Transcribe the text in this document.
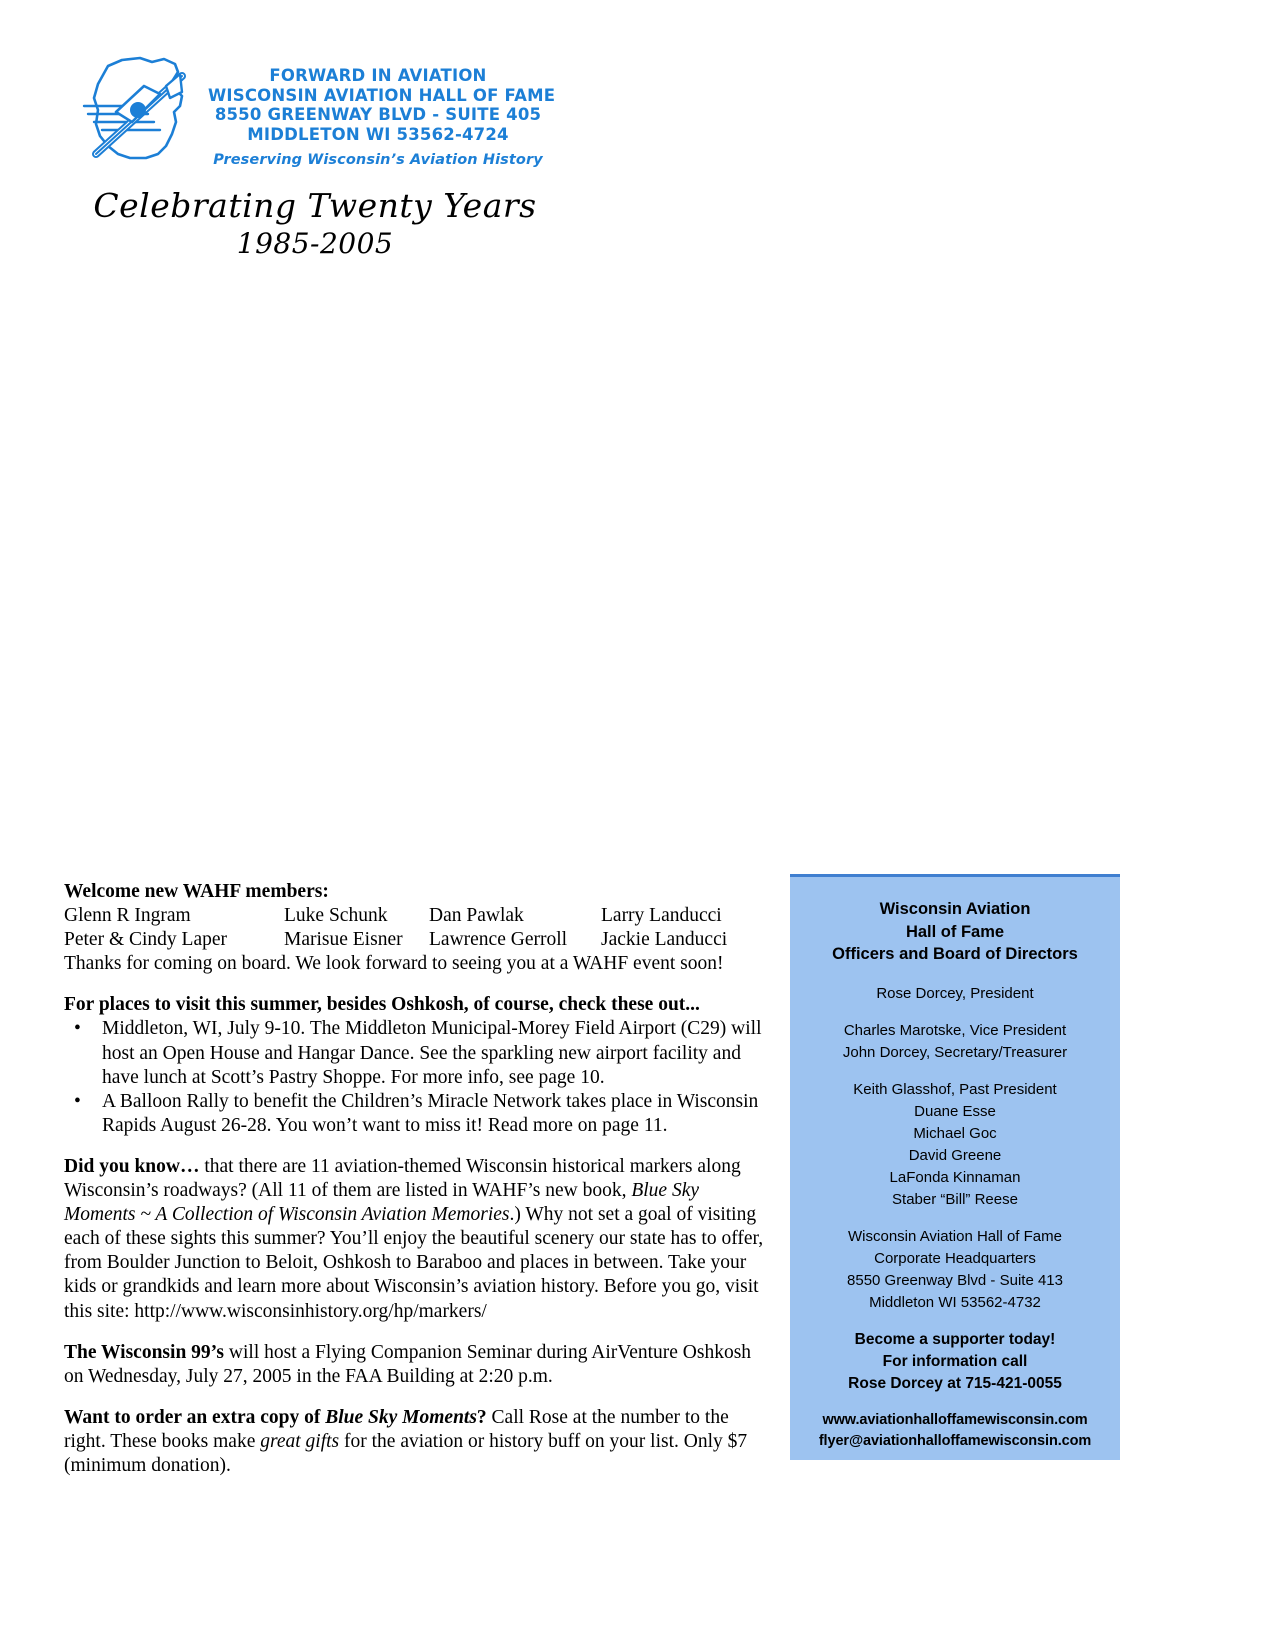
FORWARD IN AVIATION
WISCONSIN AVIATION HALL OF FAME
8550 GREENWAY BLVD - SUITE 405
MIDDLETON WI 53562-4724
Preserving Wisconsin’s Aviation History
Celebrating Twenty Years
1985-2005

Welcome new WAHF members:

Glenn R Ingram	Luke Schunk	Dan Pawlak	Larry Landucci
Peter & Cindy Laper	Marisue Eisner	Lawrence Gerroll	Jackie Landucci

Thanks for coming on board. We look forward to seeing you at a WAHF event soon!

For places to visit this summer, besides Oshkosh, of course, check these out...

• Middleton, WI, July 9-10. The Middleton Municipal-Morey Field Airport (C29) will host an Open House and Hangar Dance. See the sparkling new airport facility and have lunch at Scott’s Pastry Shoppe. For more info, see page 10.
• A Balloon Rally to benefit the Children’s Miracle Network takes place in Wisconsin Rapids August 26-28. You won’t want to miss it! Read more on page 11.

Did you know… that there are 11 aviation-themed Wisconsin historical markers along Wisconsin’s roadways? (All 11 of them are listed in WAHF’s new book, Blue Sky Moments ~ A Collection of Wisconsin Aviation Memories.) Why not set a goal of visiting each of these sights this summer? You’ll enjoy the beautiful scenery our state has to offer, from Boulder Junction to Beloit, Oshkosh to Baraboo and places in between. Take your kids or grandkids and learn more about Wisconsin’s aviation history. Before you go, visit this site: http://www.wisconsinhistory.org/hp/markers/

The Wisconsin 99’s will host a Flying Companion Seminar during AirVenture Oshkosh on Wednesday, July 27, 2005 in the FAA Building at 2:20 p.m.

Want to order an extra copy of Blue Sky Moments? Call Rose at the number to the right. These books make great gifts for the aviation or history buff on your list. Only $7 (minimum donation).

Wisconsin Aviation
Hall of Fame
Officers and Board of Directors
Rose Dorcey, President
Charles Marotske, Vice President
John Dorcey, Secretary/Treasurer
Keith Glasshof, Past President
Duane Esse
Michael Goc
David Greene
LaFonda Kinnaman
Staber “Bill” Reese
Wisconsin Aviation Hall of Fame
Corporate Headquarters
8550 Greenway Blvd - Suite 413
Middleton WI 53562-4732
Become a supporter today!
For information call
Rose Dorcey at 715-421-0055
www.aviationhalloffamewisconsin.com
flyer@aviationhalloffamewisconsin.com
